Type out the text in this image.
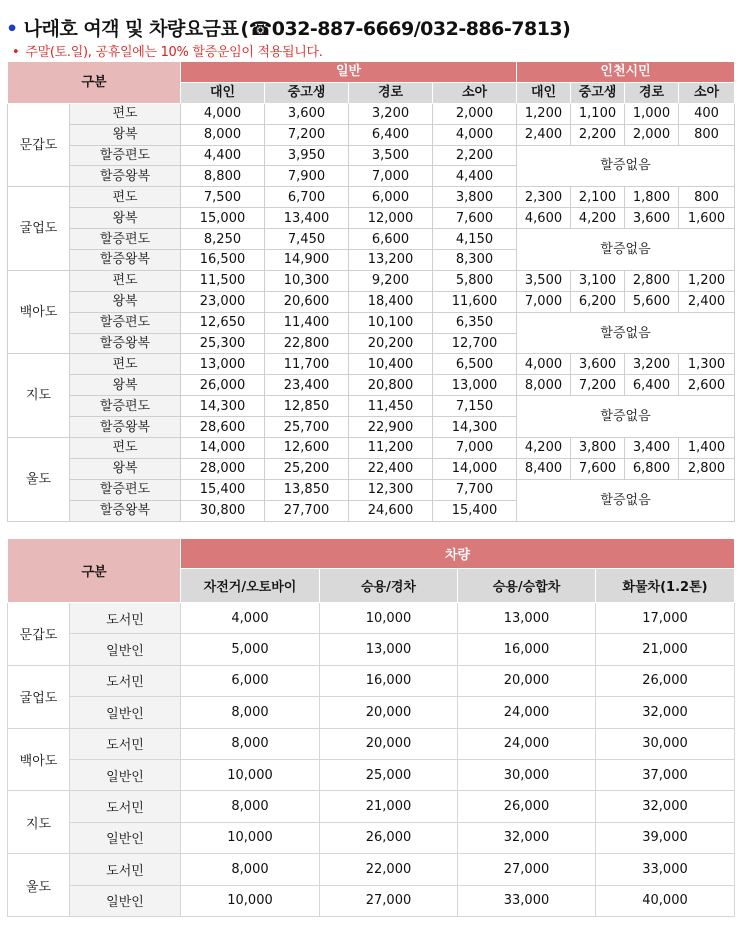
• 나래호 여객 및 차량요금표 (☎032-887-6669/032-886-7813)
• 주말(토.일), 공휴일에는 10% 할증운임이 적용됩니다.
구분		일반				인천시민			
		대인	중고생	경로	소아	대인	중고생	경로	소아
문갑도	편도	4,000	3,600	3,200	2,000	1,200	1,100	1,000	400
	왕복	8,000	7,200	6,400	4,000	2,400	2,200	2,000	800
	할증편도	4,400	3,950	3,500	2,200	할증없음			
	할증왕복	8,800	7,900	7,000	4,400				
굴업도	편도	7,500	6,700	6,000	3,800	2,300	2,100	1,800	800
	왕복	15,000	13,400	12,000	7,600	4,600	4,200	3,600	1,600
	할증편도	8,250	7,450	6,600	4,150	할증없음			
	할증왕복	16,500	14,900	13,200	8,300				
백아도	편도	11,500	10,300	9,200	5,800	3,500	3,100	2,800	1,200
	왕복	23,000	20,600	18,400	11,600	7,000	6,200	5,600	2,400
	할증편도	12,650	11,400	10,100	6,350	할증없음			
	할증왕복	25,300	22,800	20,200	12,700				
지도	편도	13,000	11,700	10,400	6,500	4,000	3,600	3,200	1,300
	왕복	26,000	23,400	20,800	13,000	8,000	7,200	6,400	2,600
	할증편도	14,300	12,850	11,450	7,150	할증없음			
	할증왕복	28,600	25,700	22,900	14,300				
울도	편도	14,000	12,600	11,200	7,000	4,200	3,800	3,400	1,400
	왕복	28,000	25,200	22,400	14,000	8,400	7,600	6,800	2,800
	할증편도	15,400	13,850	12,300	7,700	할증없음			
	할증왕복	30,800	27,700	24,600	15,400				
구분		차량			
		자전거/오토바이	승용/경차	승용/승합차	화물차(1.2톤)
문갑도	도서민	4,000	10,000	13,000	17,000
	일반인	5,000	13,000	16,000	21,000
굴업도	도서민	6,000	16,000	20,000	26,000
	일반인	8,000	20,000	24,000	32,000
백아도	도서민	8,000	20,000	24,000	30,000
	일반인	10,000	25,000	30,000	37,000
지도	도서민	8,000	21,000	26,000	32,000
	일반인	10,000	26,000	32,000	39,000
울도	도서민	8,000	22,000	27,000	33,000
	일반인	10,000	27,000	33,000	40,000
